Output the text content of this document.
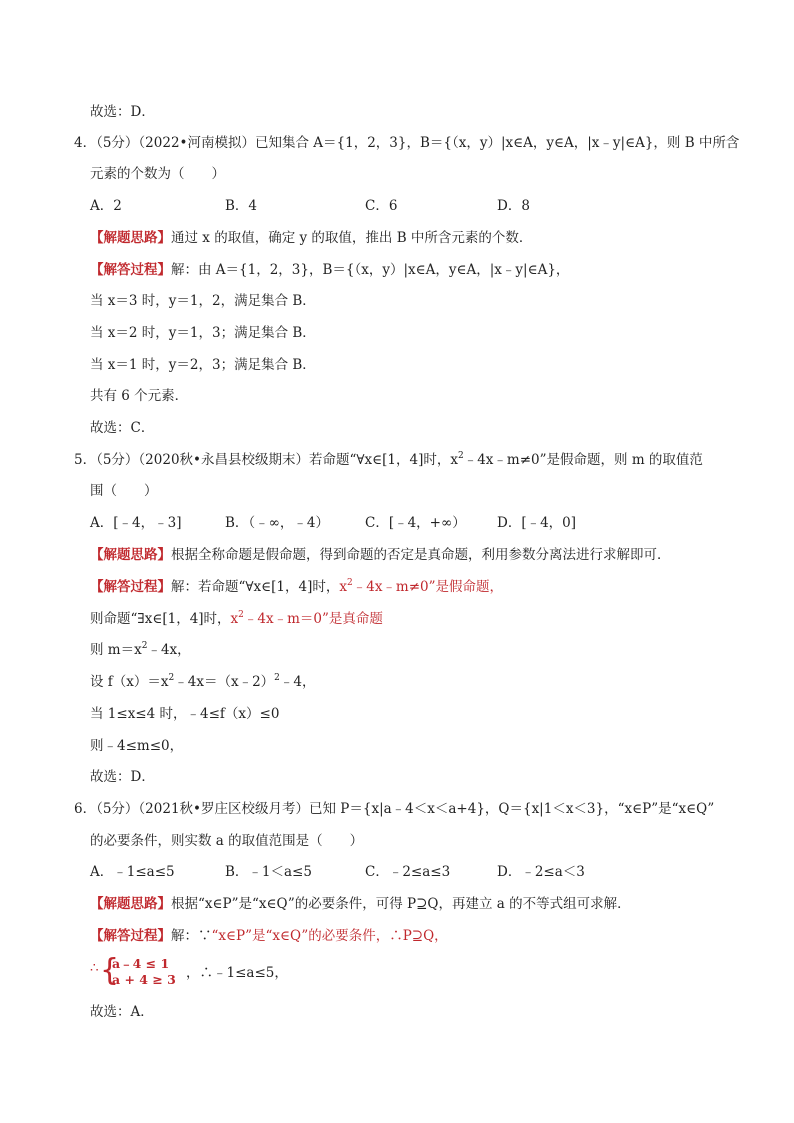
故选：D．
4．（5分）（2022•河南模拟）已知集合 A＝{1，2，3}，B＝{（x，y）|x∈A，y∈A，|x﹣y|∈A}，则 B 中所含
元素的个数为（　　）
A．2	B．4	C．6	D．8
【解题思路】通过 x 的取值，确定 y 的取值，推出 B 中所含元素的个数．
【解答过程】解：由 A＝{1，2，3}，B＝{（x，y）|x∈A，y∈A，|x﹣y|∈A}，
当 x＝3 时，y＝1，2，满足集合 B．
当 x＝2 时，y＝1，3；满足集合 B．
当 x＝1 时，y＝2，3；满足集合 B．
共有 6 个元素．
故选：C．
5．（5分）（2020秋•永昌县校级期末）若命题“∀x∈[1，4]时，$x^2﹣4x﹣m\ne 0$”是假命题，则 m 的取值范
围（　　）
A．[﹣4，﹣3]	B．（﹣∞，﹣4）	C．[﹣4，+∞） D．[﹣4，0]
【解题思路】根据全称命题是假命题，得到命题的否定是真命题，利用参数分离法进行求解即可．
【解答过程】解：若命题“∀x∈[1，4]时，$x^2﹣4x﹣m\ne 0$”是假命题，
则命题“∃x∈[1，4]时，$x^2﹣4x﹣m=0$”是真命题
则 $m=x^2﹣4x$，
设 $f(x)=x^2﹣4x=(x﹣2)^2﹣4$，
当 1≤x≤4 时，﹣4≤f（x）≤0
则﹣4≤m≤0，
故选：D．
6．（5分）（2021秋•罗庄区校级月考）已知 P＝{x|a﹣4＜x＜a+4}，Q＝{x|1＜x＜3}，“x∈P”是“x∈Q”
的必要条件，则实数 a 的取值范围是（　　）
A．﹣1≤a≤5	B．﹣1＜a≤5	C．﹣2≤a≤3	D．﹣2≤a＜3
【解题思路】根据“x∈P”是“x∈Q”的必要条件，可得 P⊇Q，再建立 a 的不等式组可求解．
【解答过程】解：∵“x∈P”是“x∈Q”的必要条件，∴P⊇Q，
∴ {
a﹣4 ≤ 1
a + 4 ≥ 3 ，∴﹣1≤a≤5，
故选：A．
